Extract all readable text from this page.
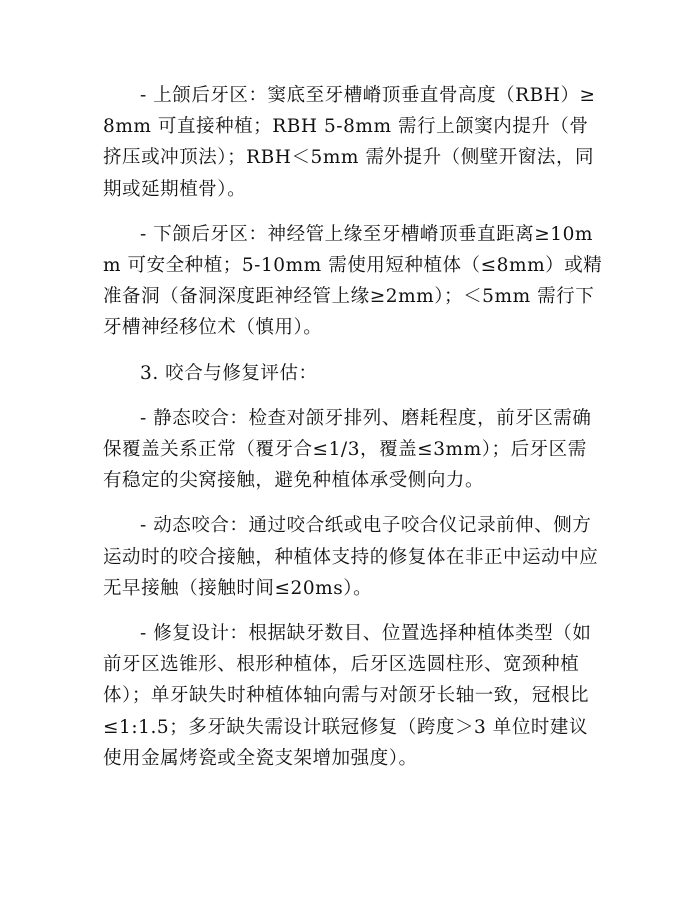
- 上颌后牙区：窦底至牙槽嵴顶垂直骨高度（RBH）≥8mm 可直接种植；RBH 5-8mm 需行上颌窦内提升（骨挤压或冲顶法）；RBH＜5mm 需外提升（侧壁开窗法，同期或延期植骨）。

- 下颌后牙区：神经管上缘至牙槽嵴顶垂直距离≥10mm 可安全种植；5-10mm 需使用短种植体（≤8mm）或精准备洞（备洞深度距神经管上缘≥2mm）；＜5mm 需行下牙槽神经移位术（慎用）。

3. 咬合与修复评估：

- 静态咬合：检查对颌牙排列、磨耗程度，前牙区需确保覆盖关系正常（覆牙合≤1/3，覆盖≤3mm）；后牙区需有稳定的尖窝接触，避免种植体承受侧向力。

- 动态咬合：通过咬合纸或电子咬合仪记录前伸、侧方运动时的咬合接触，种植体支持的修复体在非正中运动中应无早接触（接触时间≤20ms）。

- 修复设计：根据缺牙数目、位置选择种植体类型（如前牙区选锥形、根形种植体，后牙区选圆柱形、宽颈种植体）；单牙缺失时种植体轴向需与对颌牙长轴一致，冠根比≤1:1.5；多牙缺失需设计联冠修复（跨度＞3 单位时建议使用金属烤瓷或全瓷支架增加强度）。
